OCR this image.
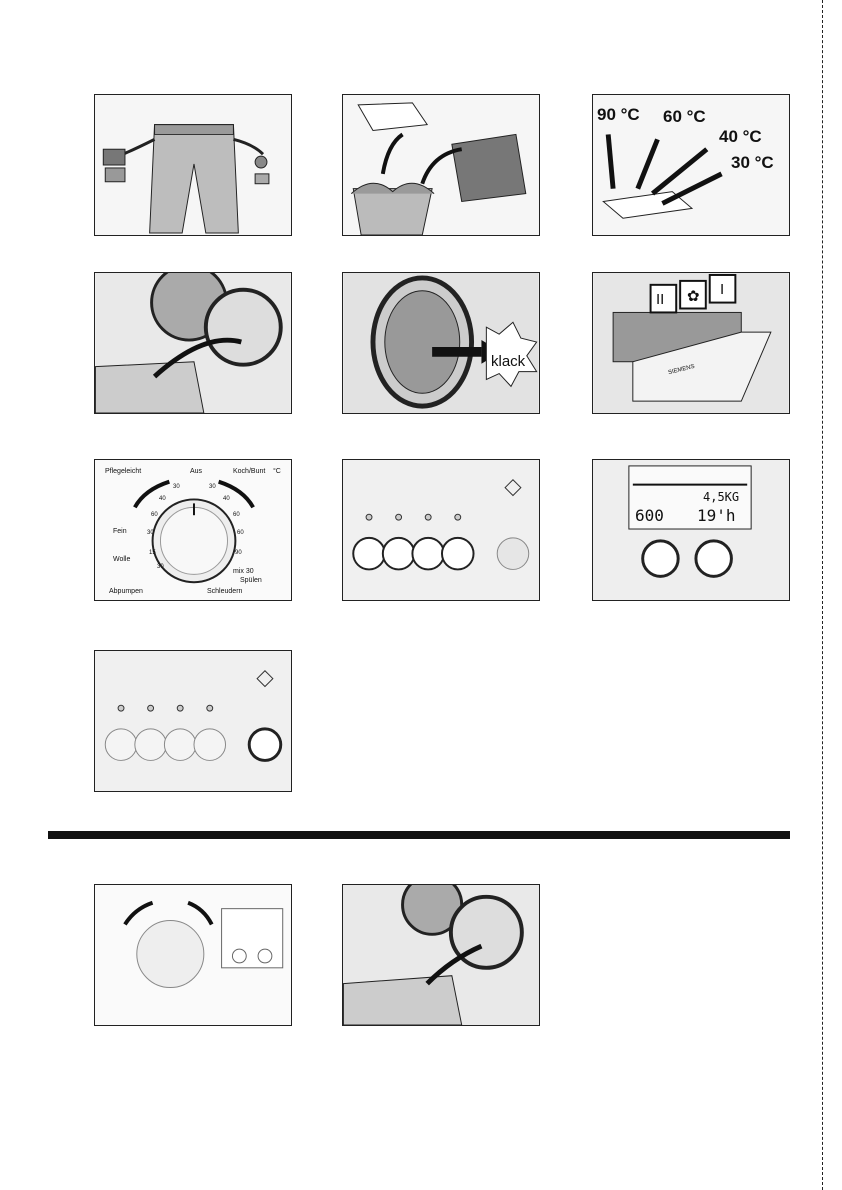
90 °C 60 °C
40 °C
30 °C
klack
II ✿ I
SIEMENS
Pflegeleicht	Aus	Koch/Bunt °C
Fein
Wolle
mix 30
Spülen
Schleudern
Abpumpen
30
40
60
30
15
30
30
40
60
60
90
4,5KG
600 19'h
